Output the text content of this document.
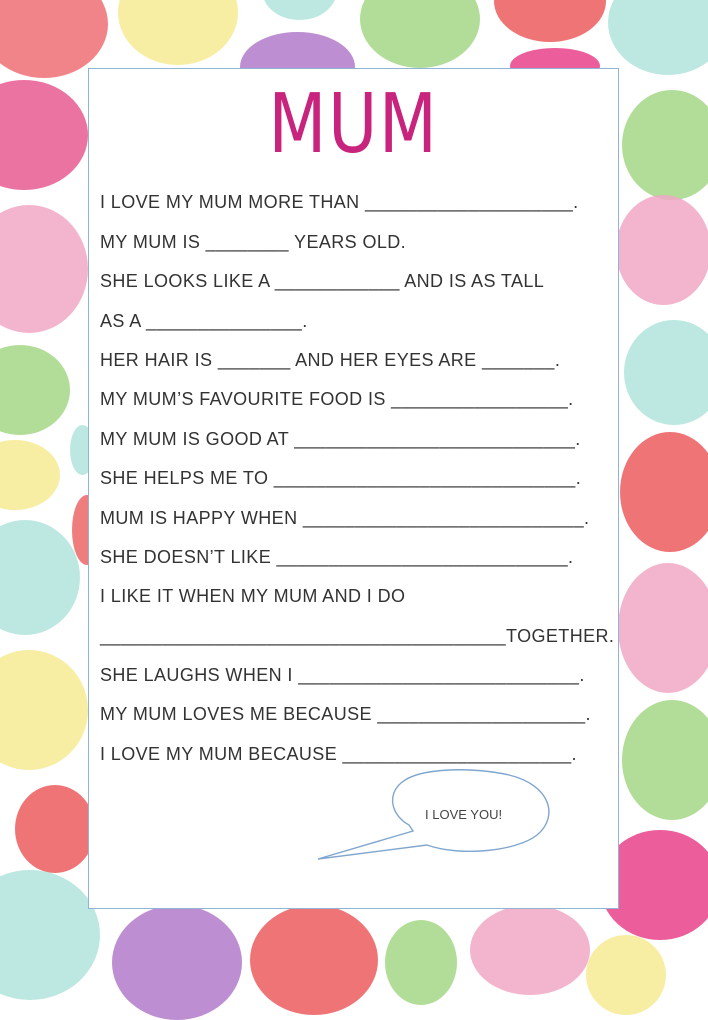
MUM
I LOVE MY MUM MORE THAN ____________________.
MY MUM IS ________ YEARS OLD.
SHE LOOKS LIKE A ____________ AND IS AS TALL
AS A _______________.
HER HAIR IS _______ AND HER EYES ARE _______.
MY MUM’S FAVOURITE FOOD IS _________________.
MY MUM IS GOOD AT ___________________________.
SHE HELPS ME TO _____________________________.
MUM IS HAPPY WHEN ___________________________.
SHE DOESN’T LIKE ____________________________.
I LIKE IT WHEN MY MUM AND I DO
_______________________________________TOGETHER.
SHE LAUGHS WHEN I ___________________________.
MY MUM LOVES ME BECAUSE ____________________.
I LOVE MY MUM BECAUSE ______________________.
I LOVE YOU!
